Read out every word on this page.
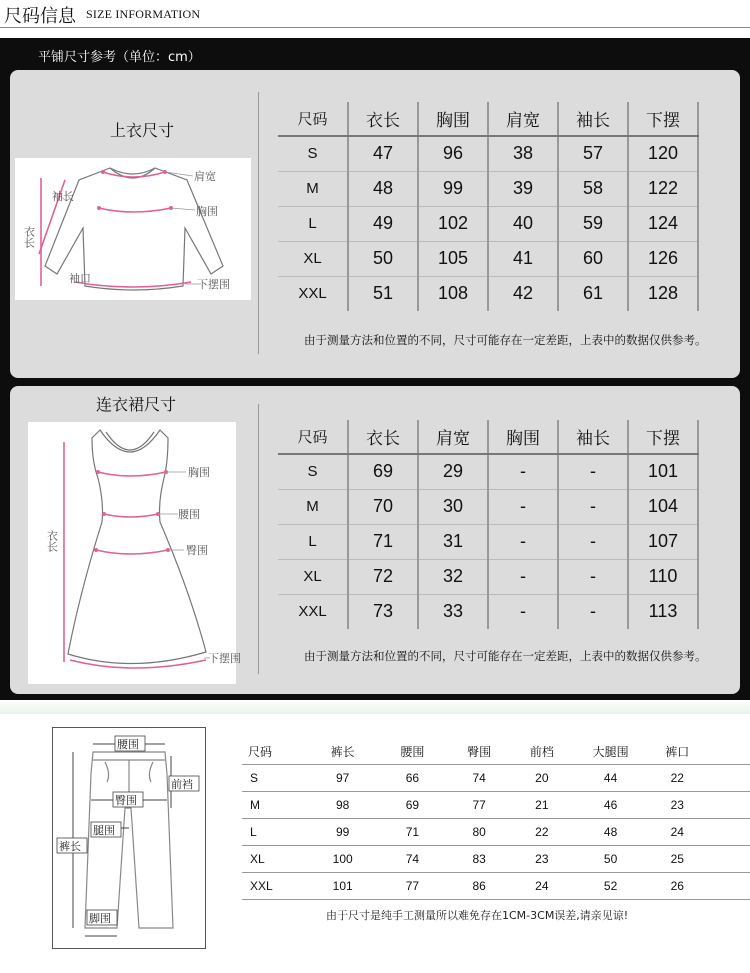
尺码信息 SIZE INFORMATION
平铺尺寸参考（单位：cm）
上衣尺寸
肩宽
胸围
袖长
袖口	下摆围
衣长
尺码	衣长	胸围	肩宽	袖长	下摆
S	47	96	38	57	120
M	48	99	39	58	122
L	49	102	40	59	124
XL	50	105	41	60	126
XXL	51	108	42	61	128
由于测量方法和位置的不同，尺寸可能存在一定差距，上表中的数据仅供参考。
连衣裙尺寸
胸围
腰围
臀围
下摆围
衣长
尺码	衣长	肩宽	胸围	袖长	下摆
S	69	29	-	-	101
M	70	30	-	-	104
L	71	31	-	-	107
XL	72	32	-	-	110
XXL	73	33	-	-	113
由于测量方法和位置的不同，尺寸可能存在一定差距，上表中的数据仅供参考。
腰围
前裆
臀围
裤长
腿围
脚围
尺码	裤长	腰围	臀围	前档	大腿围	裤口	
S	97	66	74	20	44	22	
M	98	69	77	21	46	23	
L	99	71	80	22	48	24	
XL	100	74	83	23	50	25	
XXL	101	77	86	24	52	26	
由于尺寸是纯手工测量所以难免存在1CM-3CM误差,请亲见谅!
